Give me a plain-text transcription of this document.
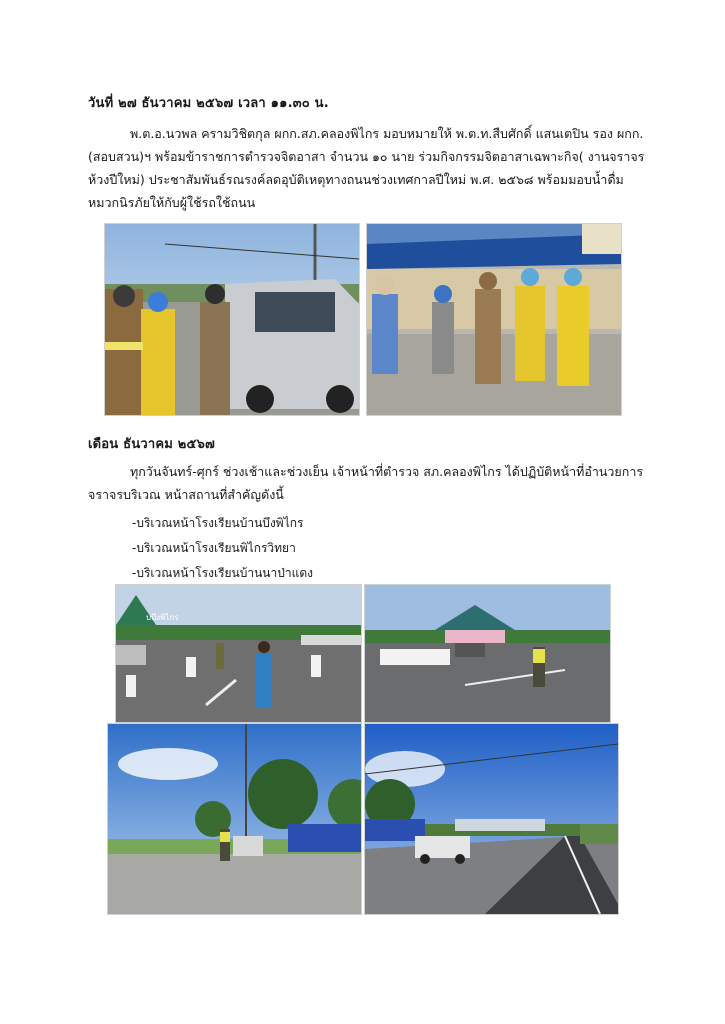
วันที่ ๒๗ ธันวาคม ๒๕๖๗ เวลา ๑๑.๓๐ น.
พ.ต.อ.นวพล ครามวิชิตกุล ผกก.สภ.คลองพิไกร มอบหมายให้ พ.ต.ท.สืบศักดิ์ แสนเตปิน รอง ผกก.(สอบสวน)ฯ พร้อมข้าราชการตำรวจจิตอาสา จำนวน ๑๐ นาย ร่วมกิจกรรมจิตอาสาเฉพาะกิจ( งานจราจร ห้วงปีใหม่) ประชาสัมพันธ์รณรงค์ลดอุบัติเหตุทางถนนช่วงเทศกาลปีใหม่ พ.ศ. ๒๕๖๘ พร้อมมอบน้ำดื่ม หมวกนิรภัยให้กับผู้ใช้รถใช้ถนน
เดือน ธันวาคม ๒๕๖๗
ทุกวันจันทร์-ศุกร์ ช่วงเช้าและช่วงเย็น เจ้าหน้าที่ตำรวจ สภ.คลองพิไกร ได้ปฏิบัติหน้าที่อำนวยการจราจรบริเวณ หน้าสถานที่สำคัญดังนี้
-บริเวณหน้าโรงเรียนบ้านบึงพิไกร
-บริเวณหน้าโรงเรียนพิไกรวิทยา
-บริเวณหน้าโรงเรียนบ้านนาป่าแดง
บบึงพิไกร
